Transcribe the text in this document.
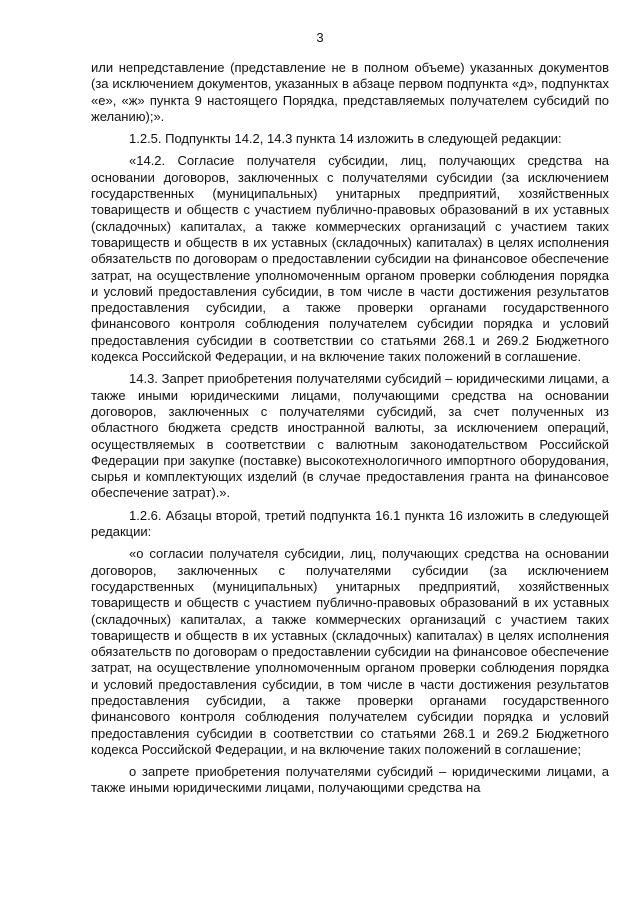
3

или непредставление (представление не в полном объеме) указанных документов (за исключением документов, указанных в абзаце первом подпункта «д», подпунктах «е», «ж» пункта 9 настоящего Порядка, представляемых получателем субсидий по желанию);».

1.2.5. Подпункты 14.2, 14.3 пункта 14 изложить в следующей редакции:

«14.2. Согласие получателя субсидии, лиц, получающих средства на основании договоров, заключенных с получателями субсидии (за исключением государственных (муниципальных) унитарных предприятий, хозяйственных товариществ и обществ с участием публично-правовых образований в их уставных (складочных) капиталах, а также коммерческих организаций с участием таких товариществ и обществ в их уставных (складочных) капиталах) в целях исполнения обязательств по договорам о предоставлении субсидии на финансовое обеспечение затрат, на осуществление уполномоченным органом проверки соблюдения порядка и условий предоставления субсидии, в том числе в части достижения результатов предоставления субсидии, а также проверки органами государственного финансового контроля соблюдения получателем субсидии порядка и условий предоставления субсидии в соответствии со статьями 268.1 и 269.2 Бюджетного кодекса Российской Федерации, и на включение таких положений в соглашение.

14.3. Запрет приобретения получателями субсидий – юридическими лицами, а также иными юридическими лицами, получающими средства на основании договоров, заключенных с получателями субсидий, за счет полученных из областного бюджета средств иностранной валюты, за исключением операций, осуществляемых в соответствии с валютным законодательством Российской Федерации при закупке (поставке) высокотехнологичного импортного оборудования, сырья и комплектующих изделий (в случае предоставления гранта на финансовое обеспечение затрат).».

1.2.6. Абзацы второй, третий подпункта 16.1 пункта 16 изложить в следующей редакции:

«о согласии получателя субсидии, лиц, получающих средства на основании договоров, заключенных с получателями субсидии (за исключением государственных (муниципальных) унитарных предприятий, хозяйственных товариществ и обществ с участием публично-правовых образований в их уставных (складочных) капиталах, а также коммерческих организаций с участием таких товариществ и обществ в их уставных (складочных) капиталах) в целях исполнения обязательств по договорам о предоставлении субсидии на финансовое обеспечение затрат, на осуществление уполномоченным органом проверки соблюдения порядка и условий предоставления субсидии, в том числе в части достижения результатов предоставления субсидии, а также проверки органами государственного финансового контроля соблюдения получателем субсидии порядка и условий предоставления субсидии в соответствии со статьями 268.1 и 269.2 Бюджетного кодекса Российской Федерации, и на включение таких положений в соглашение;

о запрете приобретения получателями субсидий – юридическими лицами, а также иными юридическими лицами, получающими средства на
